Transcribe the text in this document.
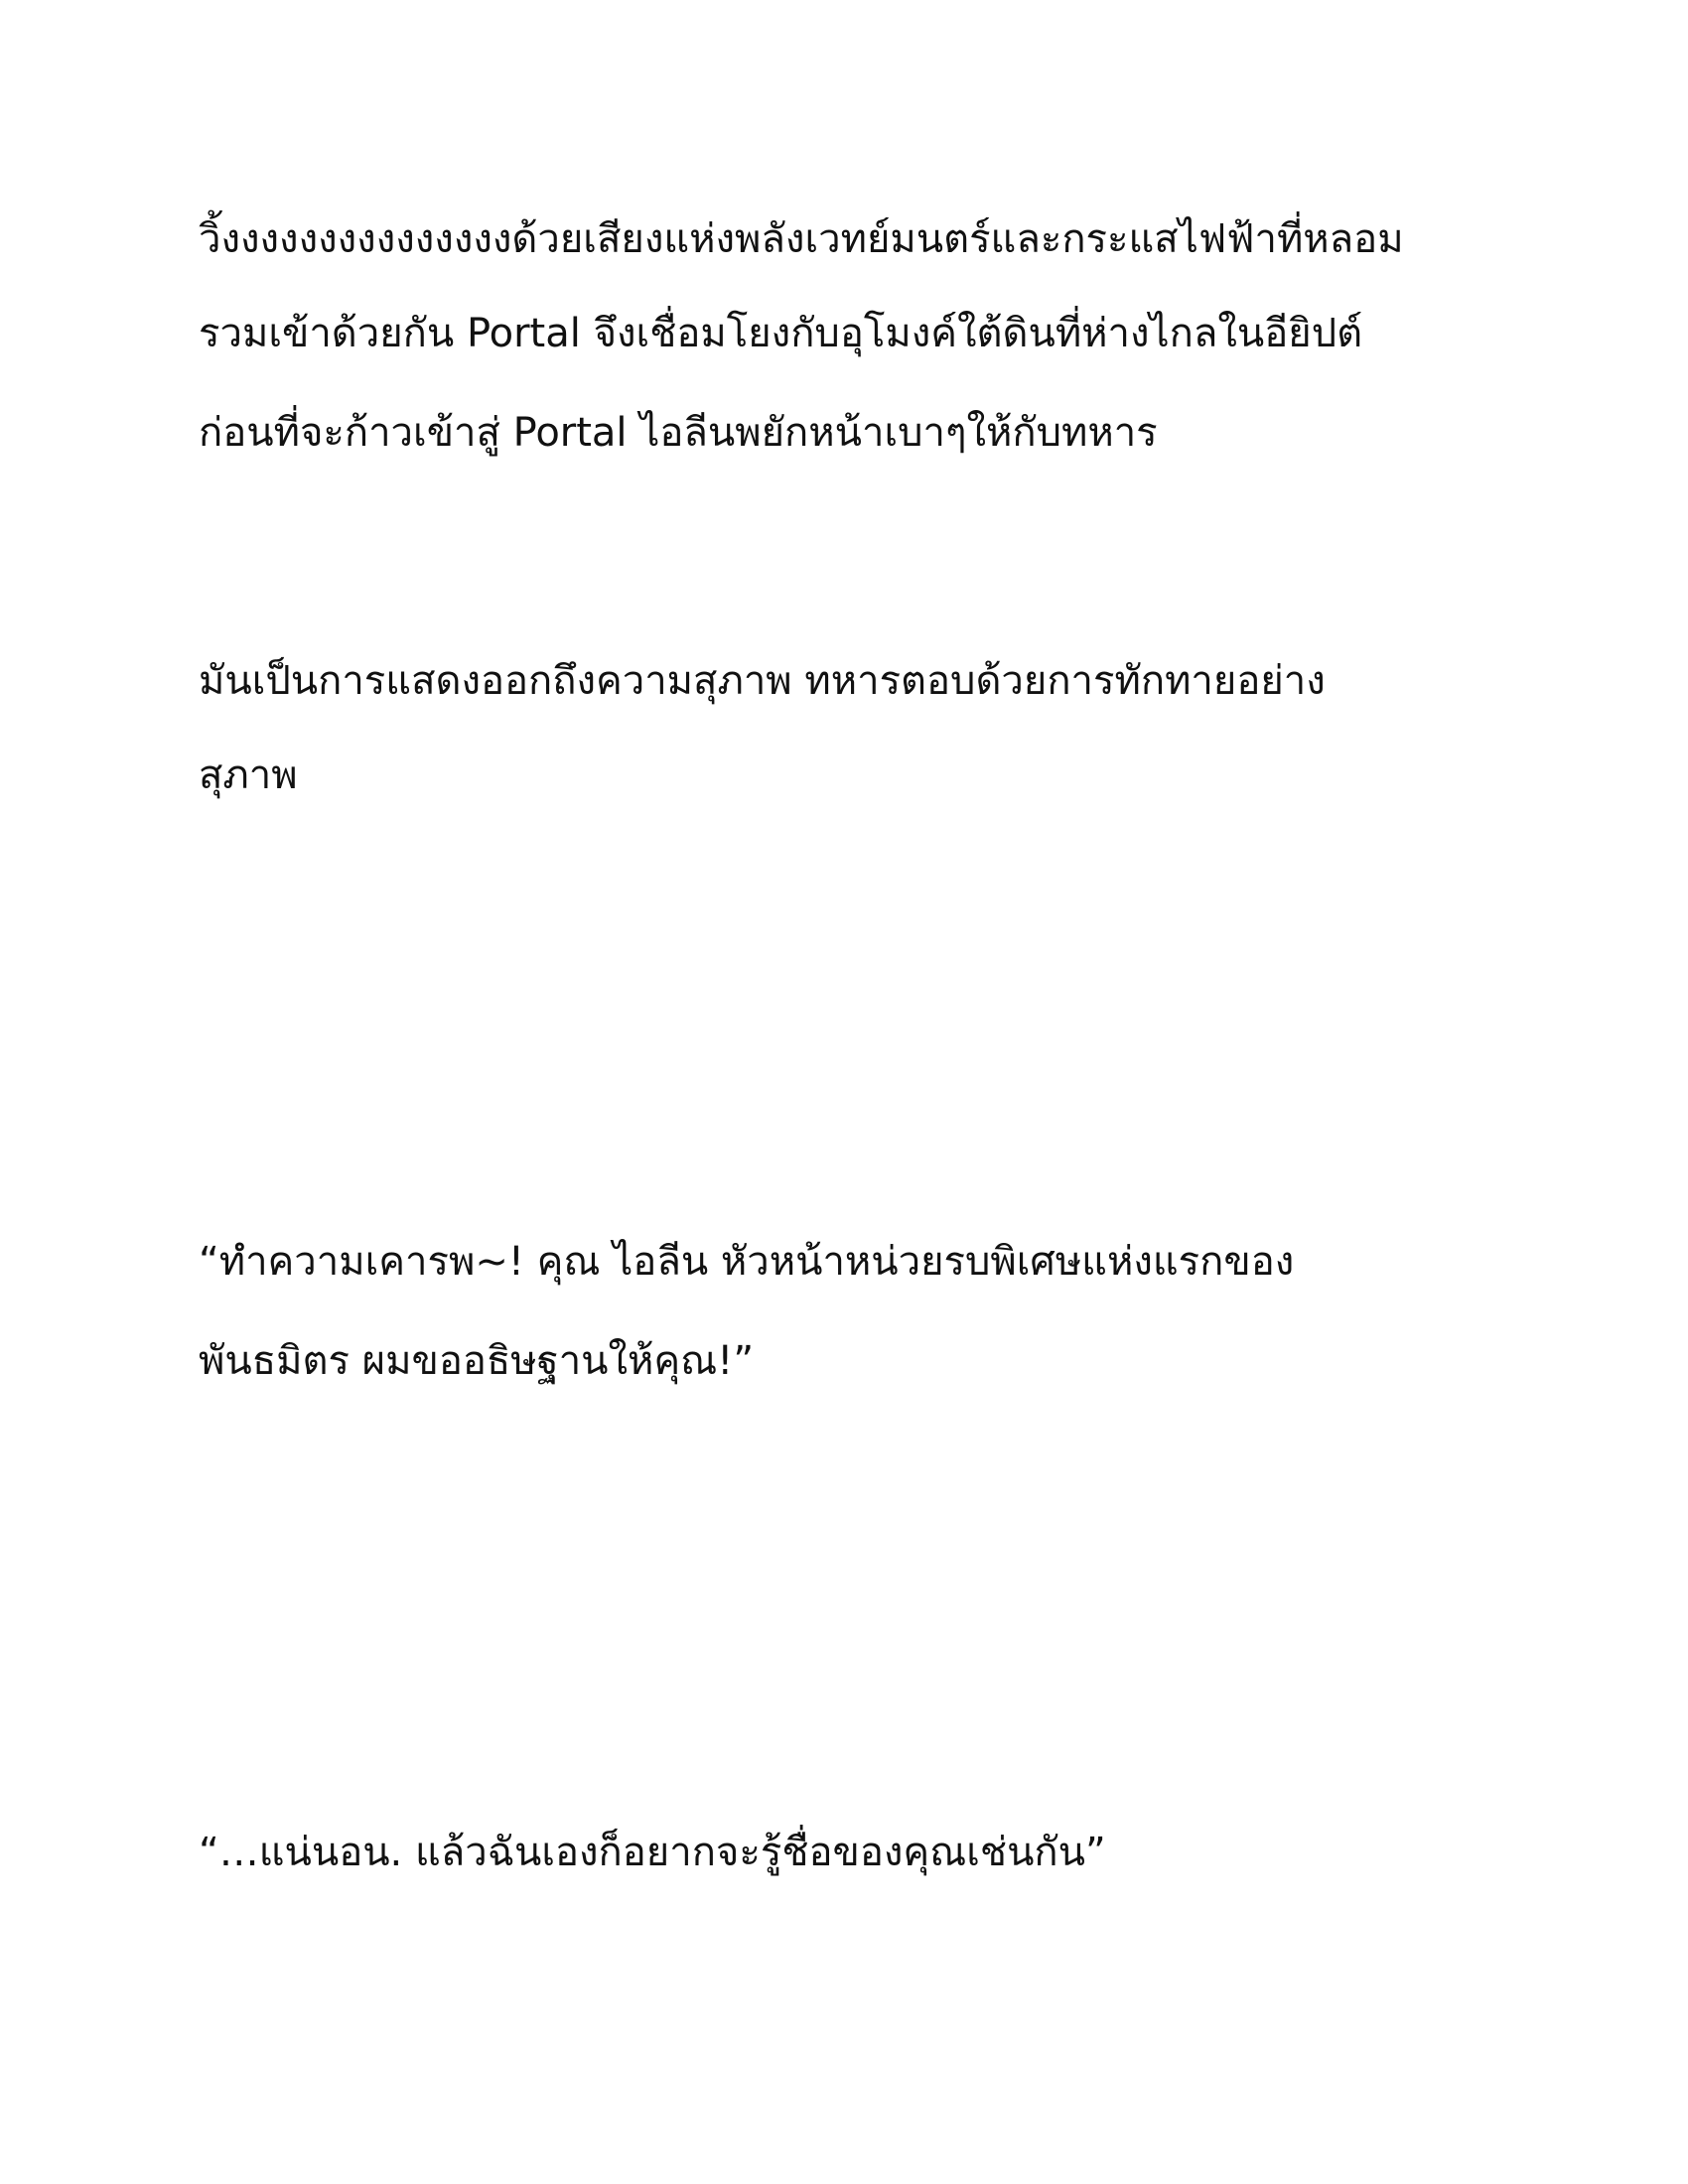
วิ้งงงงงงงงงงงงงงงด้วยเสียงแห่งพลังเวทย์มนตร์และกระแสไฟฟ้าที่หลอม
รวมเข้าด้วยกัน Portal จึงเชื่อมโยงกับอุโมงค์ใต้ดินที่ห่างไกลในอียิปต์
ก่อนที่จะก้าวเข้าสู่ Portal ไอลีนพยักหน้าเบาๆให้กับทหาร
มันเป็นการแสดงออกถึงความสุภาพ ทหารตอบด้วยการทักทายอย่าง
สุภาพ
“ทำความเคารพ~! คุณ ไอลีน หัวหน้าหน่วยรบพิเศษแห่งแรกของ
พันธมิตร ผมขออธิษฐานให้คุณ!”
“…แน่นอน. แล้วฉันเองก็อยากจะรู้ชื่อของคุณเช่นกัน”
